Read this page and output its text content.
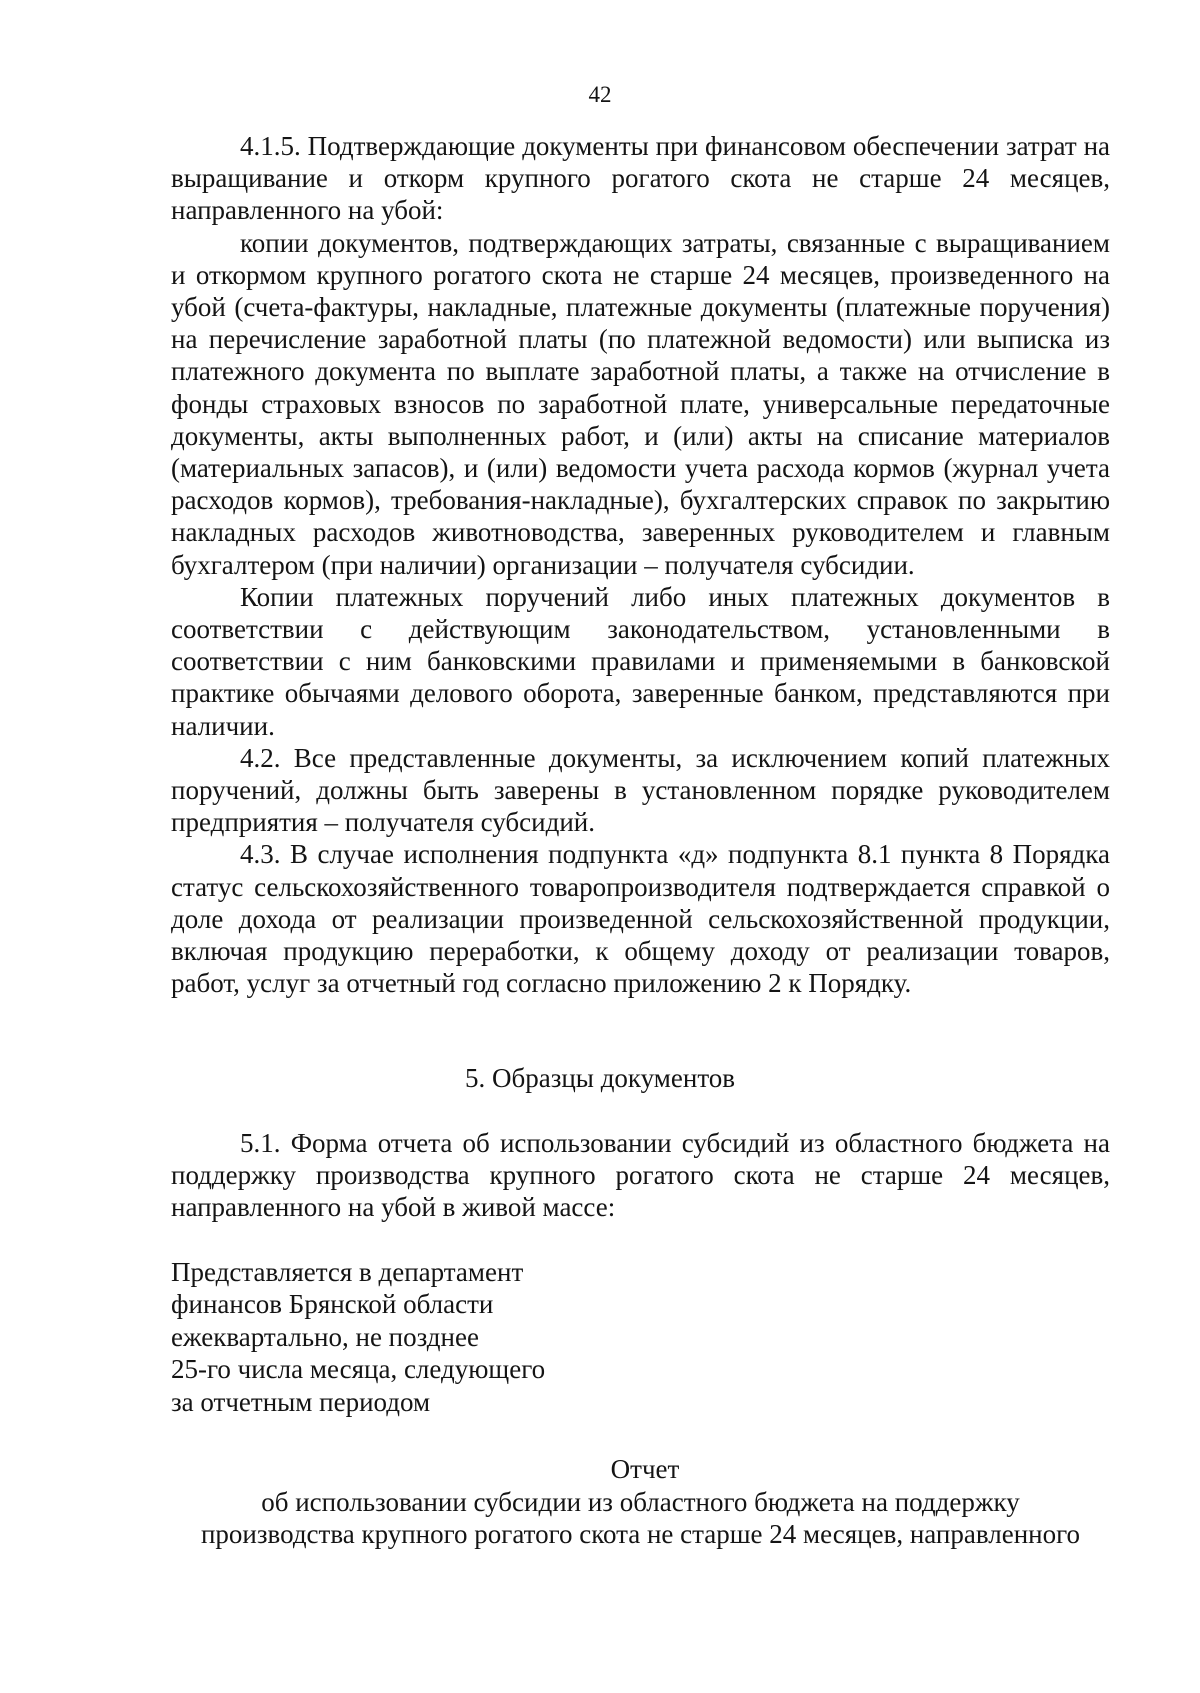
42

4.1.5. Подтверждающие документы при финансовом обеспечении затрат на выращивание и откорм крупного рогатого скота не старше 24 месяцев, направленного на убой:

копии документов, подтверждающих затраты, связанные с выращиванием и откормом крупного рогатого скота не старше 24 месяцев, произведенного на убой (счета-фактуры, накладные, платежные документы (платежные поручения) на перечисление заработной платы (по платежной ведомости) или выписка из платежного документа по выплате заработной платы, а также на отчисление в фонды страховых взносов по заработной плате, универсальные передаточные документы, акты выполненных работ, и (или) акты на списание материалов (материальных запасов), и (или) ведомости учета расхода кормов (журнал учета расходов кормов), требования-накладные), бухгалтерских справок по закрытию накладных расходов животноводства, заверенных руководителем и главным бухгалтером (при наличии) организации – получателя субсидии.

Копии платежных поручений либо иных платежных документов в соответствии с действующим законодательством, установленными в соответствии с ним банковскими правилами и применяемыми в банковской практике обычаями делового оборота, заверенные банком, представляются при наличии.

4.2. Все представленные документы, за исключением копий платежных поручений, должны быть заверены в установленном порядке руководителем предприятия – получателя субсидий.

4.3. В случае исполнения подпункта «д» подпункта 8.1 пункта 8 Порядка статус сельскохозяйственного товаропроизводителя подтверждается справкой о доле дохода от реализации произведенной сельскохозяйственной продукции, включая продукцию переработки, к общему доходу от реализации товаров, работ, услуг за отчетный год согласно приложению 2 к Порядку.

5. Образцы документов

5.1. Форма отчета об использовании субсидий из областного бюджета на поддержку производства крупного рогатого скота не старше 24 месяцев, направленного на убой в живой массе:

Представляется в департамент
финансов Брянской области
ежеквартально, не позднее
25-го числа месяца, следующего
за отчетным периодом
Отчет
об использовании субсидии из областного бюджета на поддержку
производства крупного рогатого скота не старше 24 месяцев, направленного
